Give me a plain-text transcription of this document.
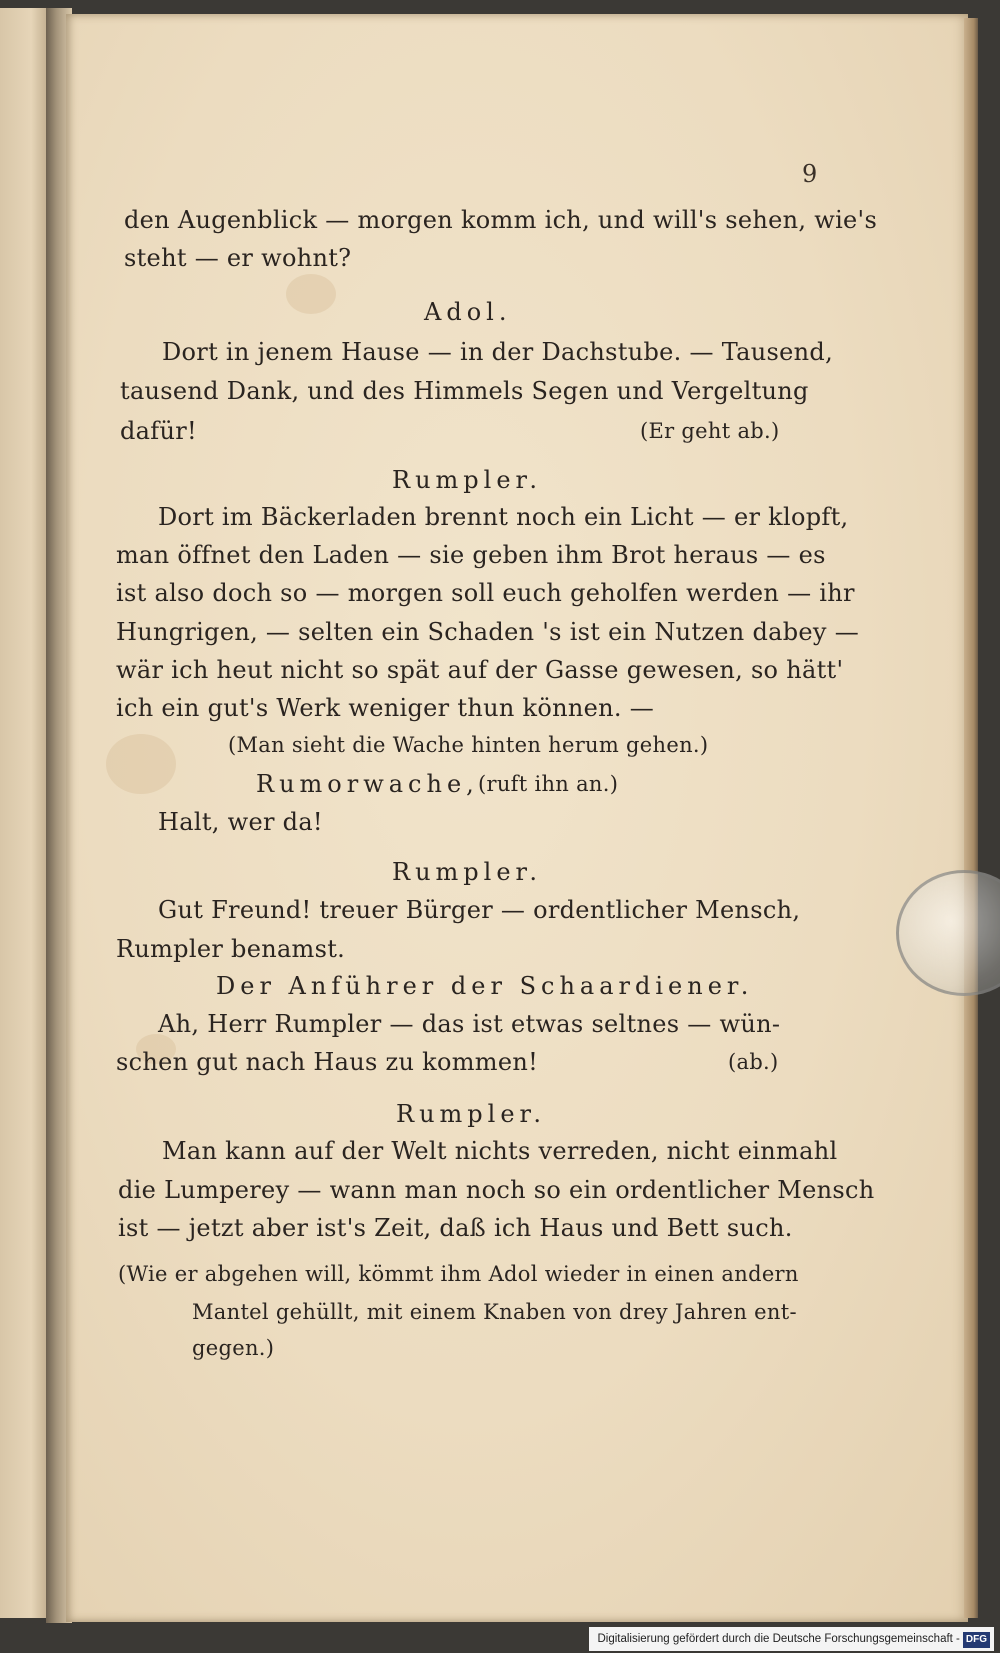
9
den Augenblick — morgen komm ich, und will's sehen, wie's
steht — er wohnt?
Adol.
Dort in jenem Hause — in der Dachstube. — Tausend,
tausend Dank, und des Himmels Segen und Vergeltung
dafür!	(Er geht ab.)
Rumpler.
Dort im Bäckerladen brennt noch ein Licht — er klopft,
man öffnet den Laden — sie geben ihm Brot heraus — es
ist also doch so — morgen soll euch geholfen werden — ihr
Hungrigen, — selten ein Schaden 's ist ein Nutzen dabey —
wär ich heut nicht so spät auf der Gasse gewesen, so hätt'
ich ein gut's Werk weniger thun können. —
(Man sieht die Wache hinten herum gehen.)
Rumorwache, (ruft ihn an.)
Halt, wer da!
Rumpler.
Gut Freund! treuer Bürger — ordentlicher Mensch,
Rumpler benamst.
Der Anführer der Schaardiener.
Ah, Herr Rumpler — das ist etwas seltnes — wün-
schen gut nach Haus zu kommen!	(ab.)
Rumpler.
Man kann auf der Welt nichts verreden, nicht einmahl
die Lumperey — wann man noch so ein ordentlicher Mensch
ist — jetzt aber ist's Zeit, daß ich Haus und Bett such.
(Wie er abgehen will, kömmt ihm Adol wieder in einen andern
Mantel gehüllt, mit einem Knaben von drey Jahren ent-
gegen.)
Digitalisierung gefördert durch die Deutsche Forschungsgemeinschaft - DFG
